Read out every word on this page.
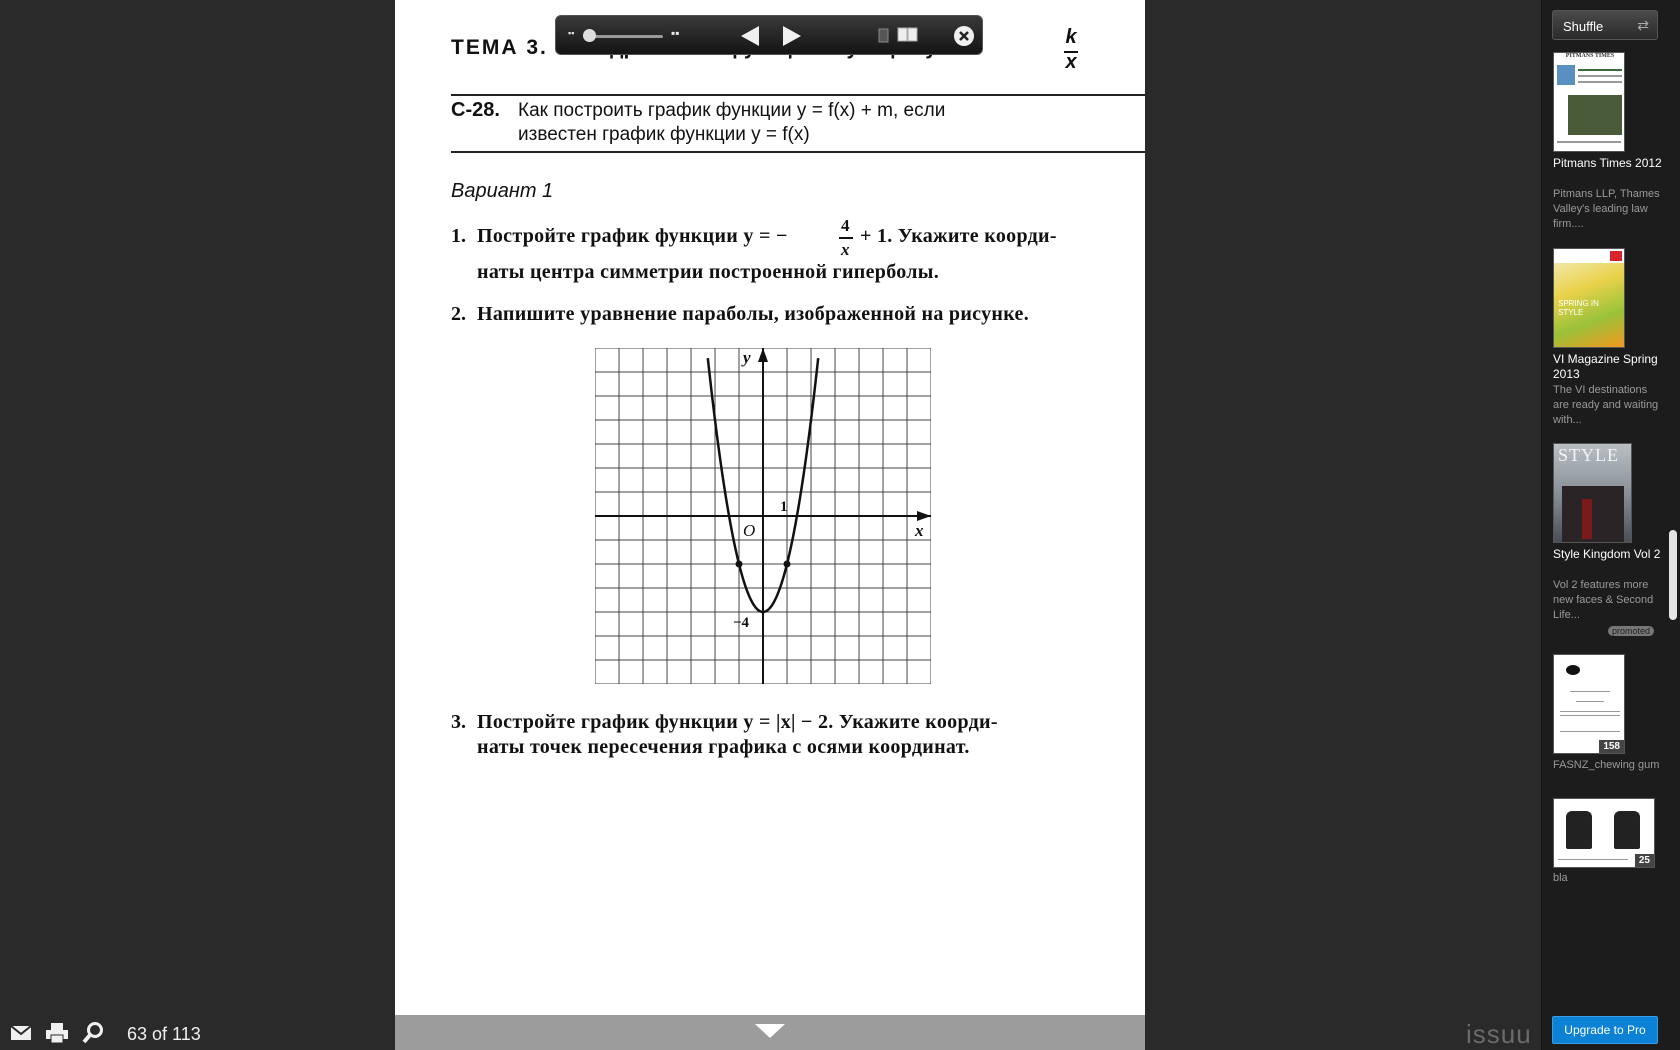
ТЕМА 3.	k
x
С-28. Как построить график функции y = f(x) + m, если
известен график функции y = f(x)
Вариант 1
1. Постройте график функции y = −	4
x
+ 1. Укажите коорди-
наты центра симметрии построенной гиперболы.
2. Напишите уравнение параболы, изображенной на рисунке.
y
x
O
1
−4
3. Постройте график функции y = |x| − 2. Укажите коорди-
наты точек пересечения графика с осями координат.
▪▪	▪▪
63 of 113	issuu
Shuffle ⇄
PITMANS TIMES
Pitmans Times 2012
Pitmans LLP, Thames Valley's leading law firm....
SPRING IN STYLE
VI Magazine Spring 2013
The VI destinations are ready and waiting with...
STYLE
Style Kingdom Vol 2
Vol 2 features more new faces & Second Life...
promoted
158
FASNZ_chewing gum
25
bla
Upgrade to Pro
